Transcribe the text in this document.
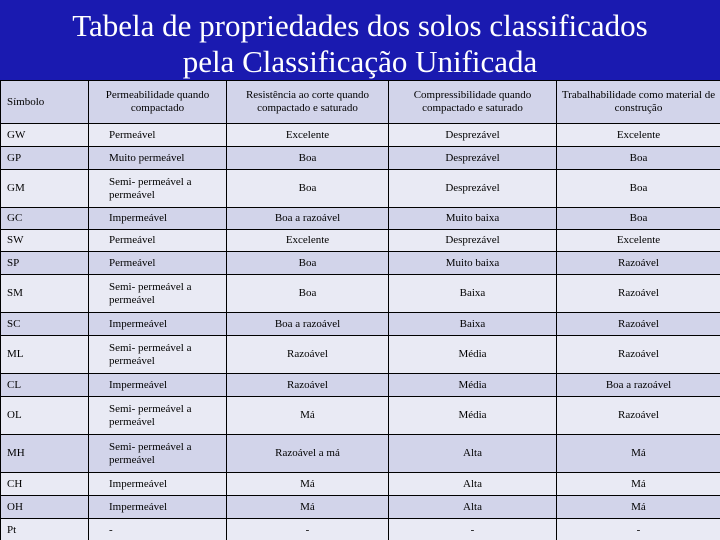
Tabela de propriedades dos solos classificados
pela Classificação Unificada
Símbolo	Permeabilidade quando compactado	Resistência ao corte quando compactado e saturado	Compressibilidade quando compactado e saturado	Trabalhabilidade como material de construção
GW	Permeável	Excelente	Desprezável	Excelente
GP	Muito permeável	Boa	Desprezável	Boa
GM	Semi- permeável a permeável	Boa	Desprezável	Boa
GC	Impermeável	Boa a razoável	Muito baixa	Boa
SW	Permeável	Excelente	Desprezável	Excelente
SP	Permeável	Boa	Muito baixa	Razoável
SM	Semi- permeável a permeável	Boa	Baixa	Razoável
SC	Impermeável	Boa a razoável	Baixa	Razoável
ML	Semi- permeável a permeável	Razoável	Média	Razoável
CL	Impermeável	Razoável	Média	Boa a razoável
OL	Semi- permeável a permeável	Má	Média	Razoável
MH	Semi- permeável a permeável	Razoável a má	Alta	Má
CH	Impermeável	Má	Alta	Má
OH	Impermeável	Má	Alta	Má
Pt	-	-	-	-
